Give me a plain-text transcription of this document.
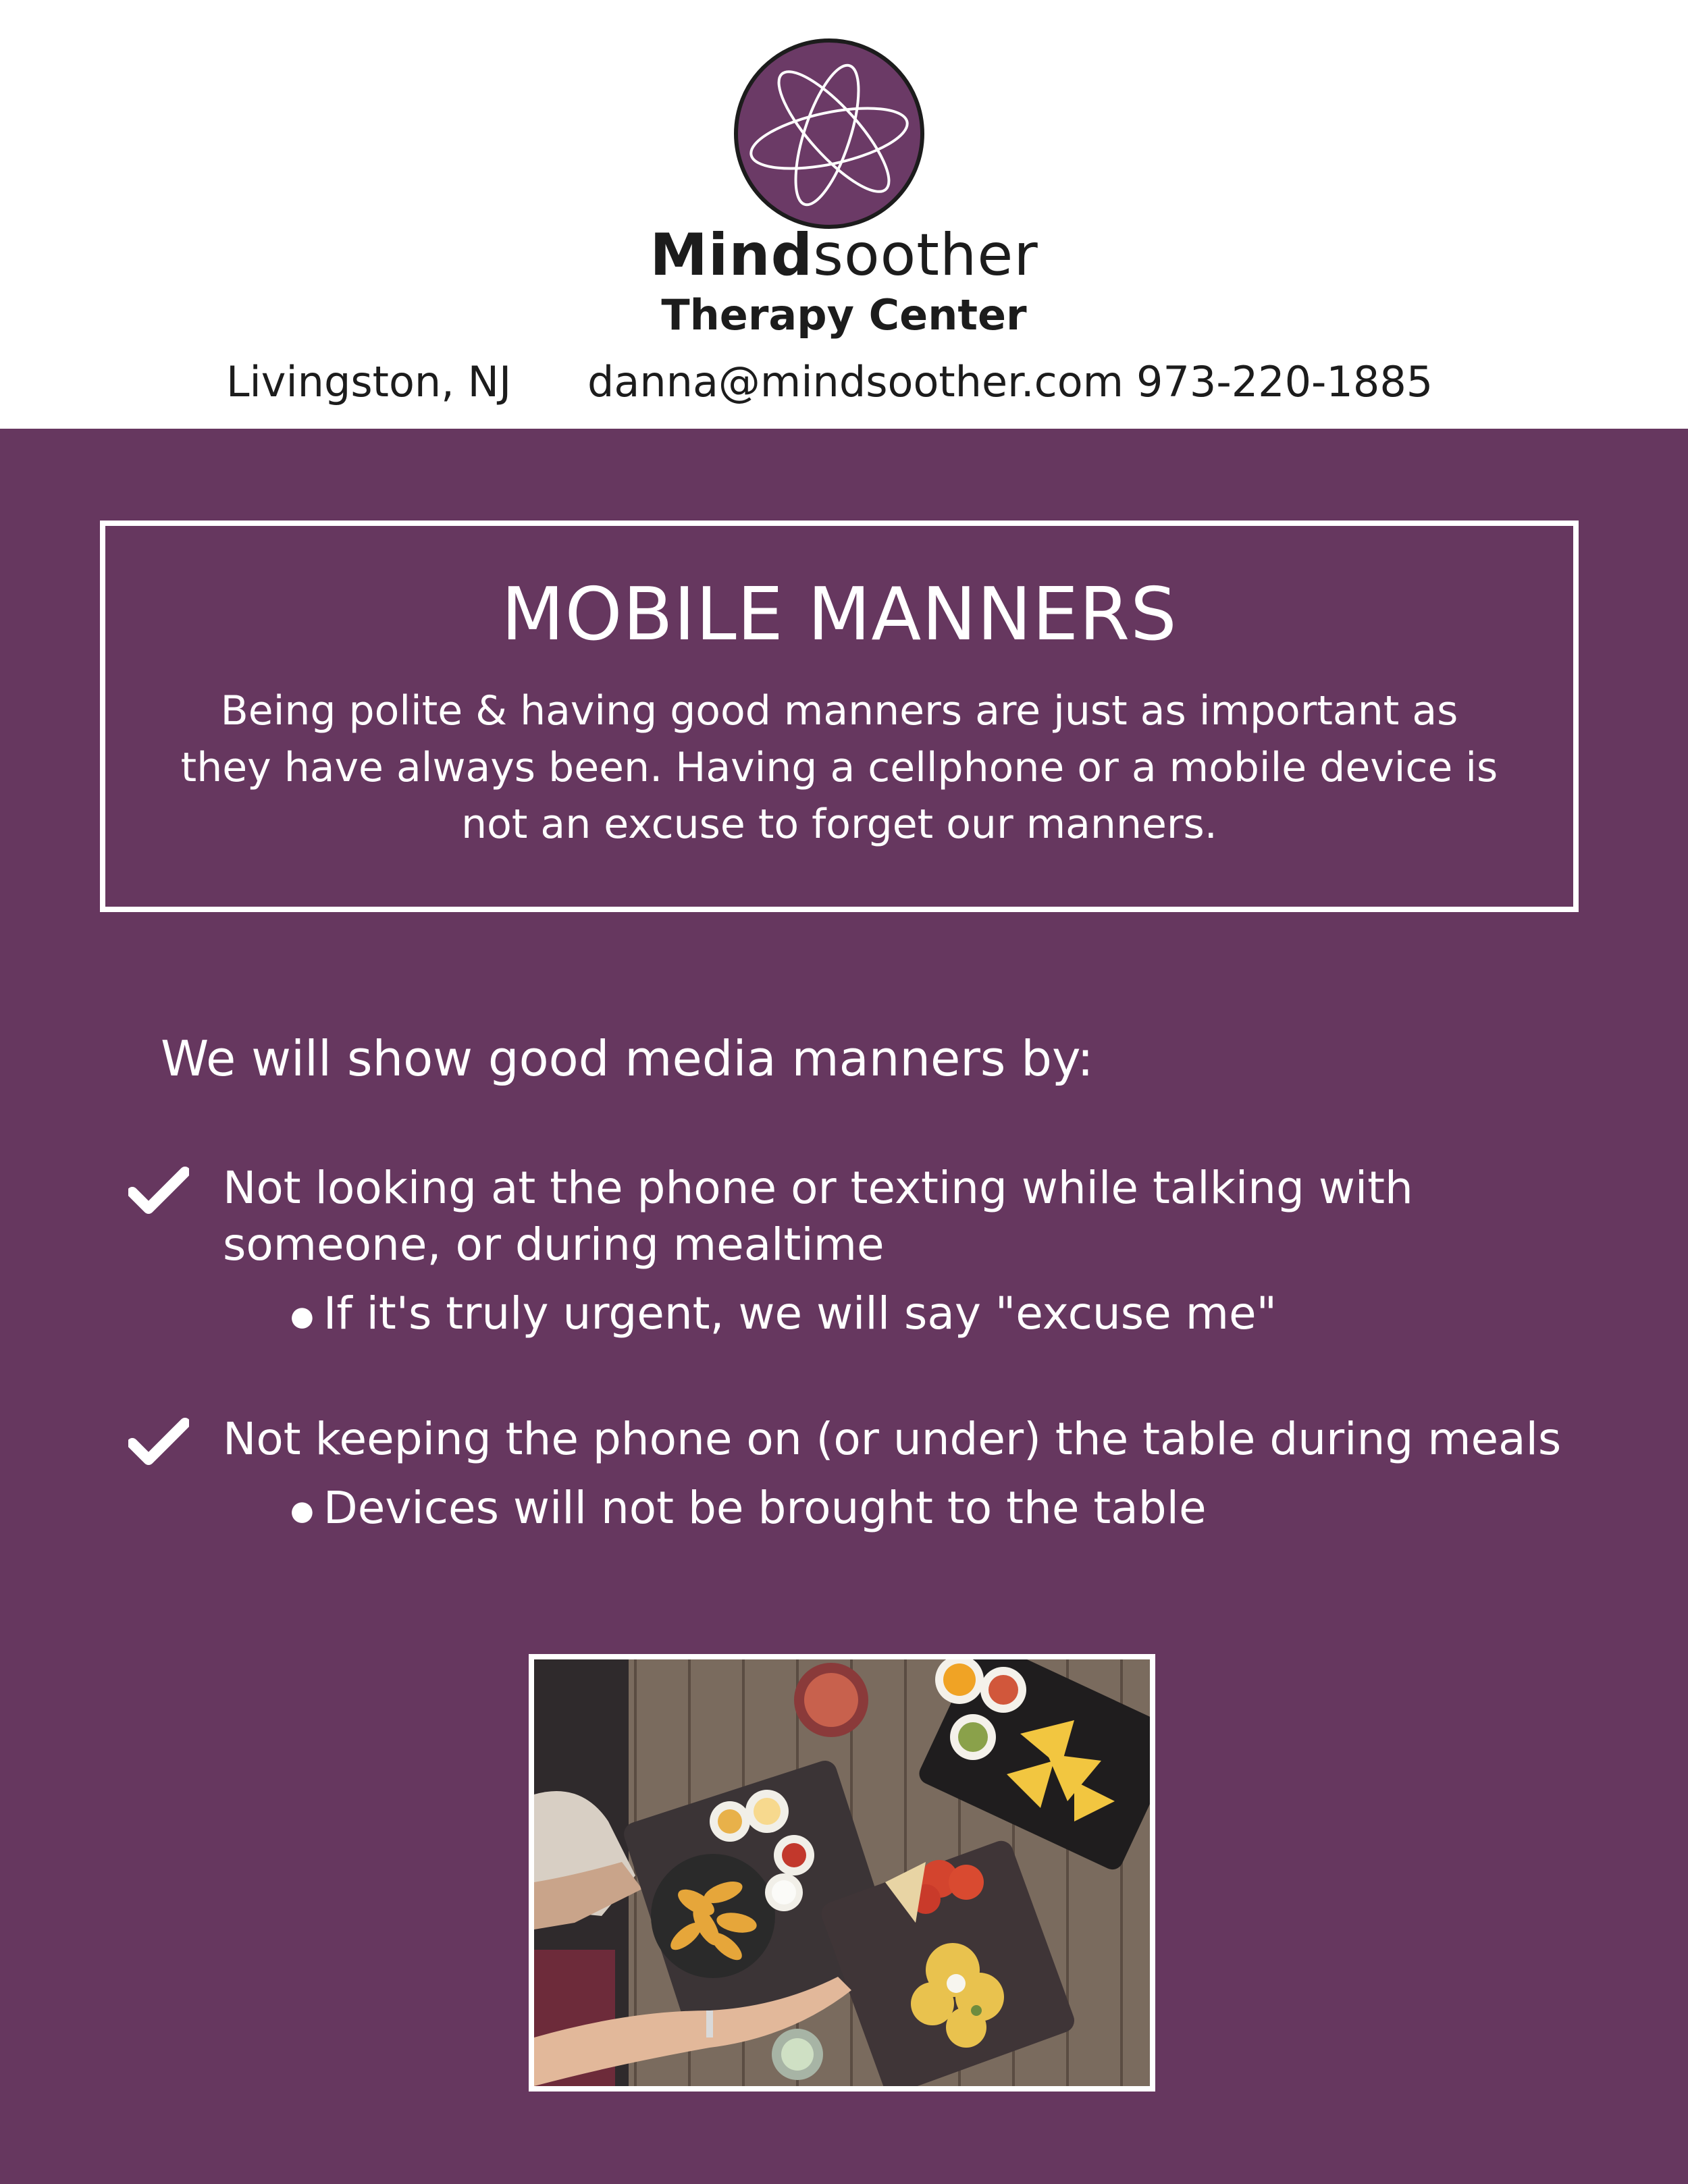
Mindsoother
Therapy Center
Livingston, NJ danna@mindsoother.com 973-220-1885
MOBILE MANNERS
Being polite & having good manners are just as important as they have always been. Having a cellphone or a mobile device is not an excuse to forget our manners.
We will show good media manners by:
Not looking at the phone or texting while talking with someone, or during mealtime
● If it's truly urgent, we will say "excuse me"
Not keeping the phone on (or under) the table during meals
● Devices will not be brought to the table
